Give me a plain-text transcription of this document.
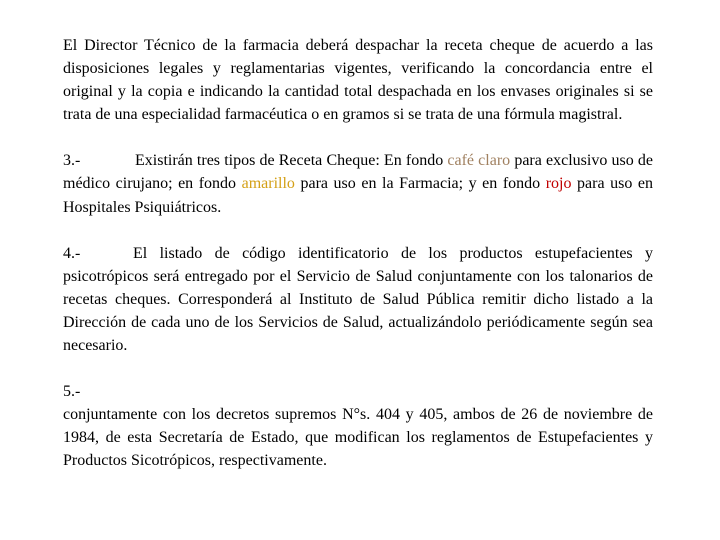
El Director Técnico de la farmacia deberá despachar la receta cheque de acuerdo a las disposiciones legales y reglamentarias vigentes, verificando la concordancia entre el original y la copia e indicando la cantidad total despachada en los envases originales si se trata de una especialidad farmacéutica o en gramos si se trata de una fórmula magistral.

3.-	Existirán tres tipos de Receta Cheque: En fondo café claro para exclusivo uso de médico cirujano; en fondo amarillo para uso en la Farmacia; y en fondo rojo para uso en Hospitales Psiquiátricos.

4.-	El listado de código identificatorio de los productos estupefacientes y psicotrópicos será entregado por el Servicio de Salud conjuntamente con los talonarios de recetas cheques. Corresponderá al Instituto de Salud Pública remitir dicho listado a la Dirección de cada uno de los Servicios de Salud, actualizándolo periódicamente según sea necesario.

5.-
conjuntamente con los decretos supremos N°s. 404 y 405, ambos de 26 de noviembre de 1984, de esta Secretaría de Estado, que modifican los reglamentos de Estupefacientes y Productos Sicotrópicos, respectivamente.
